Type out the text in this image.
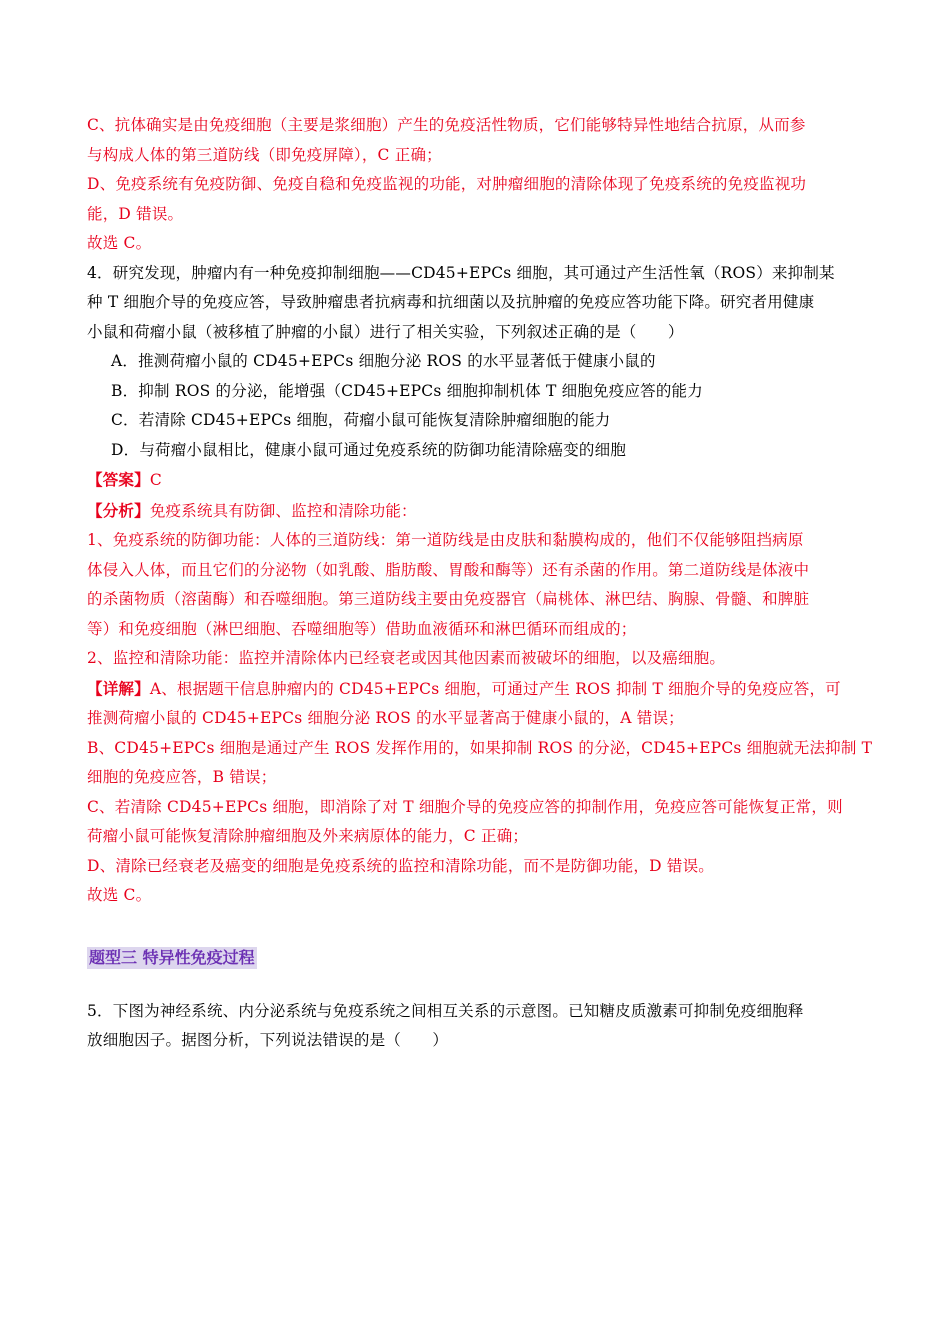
C、抗体确实是由免疫细胞（主要是浆细胞）产生的免疫活性物质，它们能够特异性地结合抗原，从而参
与构成人体的第三道防线（即免疫屏障），C 正确；
D、免疫系统有免疫防御、免疫自稳和免疫监视的功能，对肿瘤细胞的清除体现了免疫系统的免疫监视功
能，D 错误。
故选 C。
4．研究发现，肿瘤内有一种免疫抑制细胞——CD45+EPCs 细胞，其可通过产生活性氧（ROS）来抑制某
种 T 细胞介导的免疫应答，导致肿瘤患者抗病毒和抗细菌以及抗肿瘤的免疫应答功能下降。研究者用健康
小鼠和荷瘤小鼠（被移植了肿瘤的小鼠）进行了相关实验，下列叙述正确的是（　　）
A．推测荷瘤小鼠的 CD45+EPCs 细胞分泌 ROS 的水平显著低于健康小鼠的
B．抑制 ROS 的分泌，能增强（CD45+EPCs 细胞抑制机体 T 细胞免疫应答的能力
C．若清除 CD45+EPCs 细胞，荷瘤小鼠可能恢复清除肿瘤细胞的能力
D．与荷瘤小鼠相比，健康小鼠可通过免疫系统的防御功能清除癌变的细胞
【答案】C
【分析】免疫系统具有防御、监控和清除功能：
1、免疫系统的防御功能：人体的三道防线：第一道防线是由皮肤和黏膜构成的，他们不仅能够阻挡病原
体侵入人体，而且它们的分泌物（如乳酸、脂肪酸、胃酸和酶等）还有杀菌的作用。第二道防线是体液中
的杀菌物质（溶菌酶）和吞噬细胞。第三道防线主要由免疫器官（扁桃体、淋巴结、胸腺、骨髓、和脾脏
等）和免疫细胞（淋巴细胞、吞噬细胞等）借助血液循环和淋巴循环而组成的；
2、监控和清除功能：监控并清除体内已经衰老或因其他因素而被破坏的细胞，以及癌细胞。
【详解】A、根据题干信息肿瘤内的 CD45+EPCs 细胞，可通过产生 ROS 抑制 T 细胞介导的免疫应答，可
推测荷瘤小鼠的 CD45+EPCs 细胞分泌 ROS 的水平显著高于健康小鼠的，A 错误；
B、CD45+EPCs 细胞是通过产生 ROS 发挥作用的，如果抑制 ROS 的分泌，CD45+EPCs 细胞就无法抑制 T
细胞的免疫应答，B 错误；
C、若清除 CD45+EPCs 细胞，即消除了对 T 细胞介导的免疫应答的抑制作用，免疫应答可能恢复正常，则
荷瘤小鼠可能恢复清除肿瘤细胞及外来病原体的能力，C 正确；
D、清除已经衰老及癌变的细胞是免疫系统的监控和清除功能，而不是防御功能，D 错误。
故选 C。
题型三 特异性免疫过程
5．下图为神经系统、内分泌系统与免疫系统之间相互关系的示意图。已知糖皮质激素可抑制免疫细胞释
放细胞因子。据图分析，下列说法错误的是（　　）
